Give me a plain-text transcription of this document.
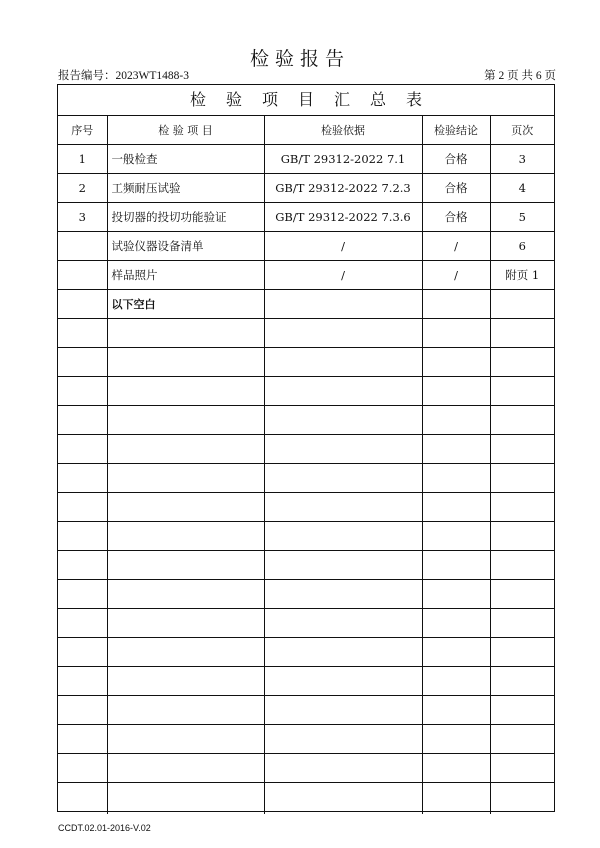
检验报告
报告编号：2023WT1488-3	第 2 页 共 6 页
检验项目汇总表
序号	检 验 项 目	检验依据	检验结论	页次
1	一般检查	GB/T 29312-2022 7.1	合格	3
2	工频耐压试验	GB/T 29312-2022 7.2.3	合格	4
3	投切器的投切功能验证	GB/T 29312-2022 7.3.6	合格	5
	试验仪器设备清单	/	/	6
	样品照片	/	/	附页 1
	以下空白			

CCDT.02.01-2016-V.02
